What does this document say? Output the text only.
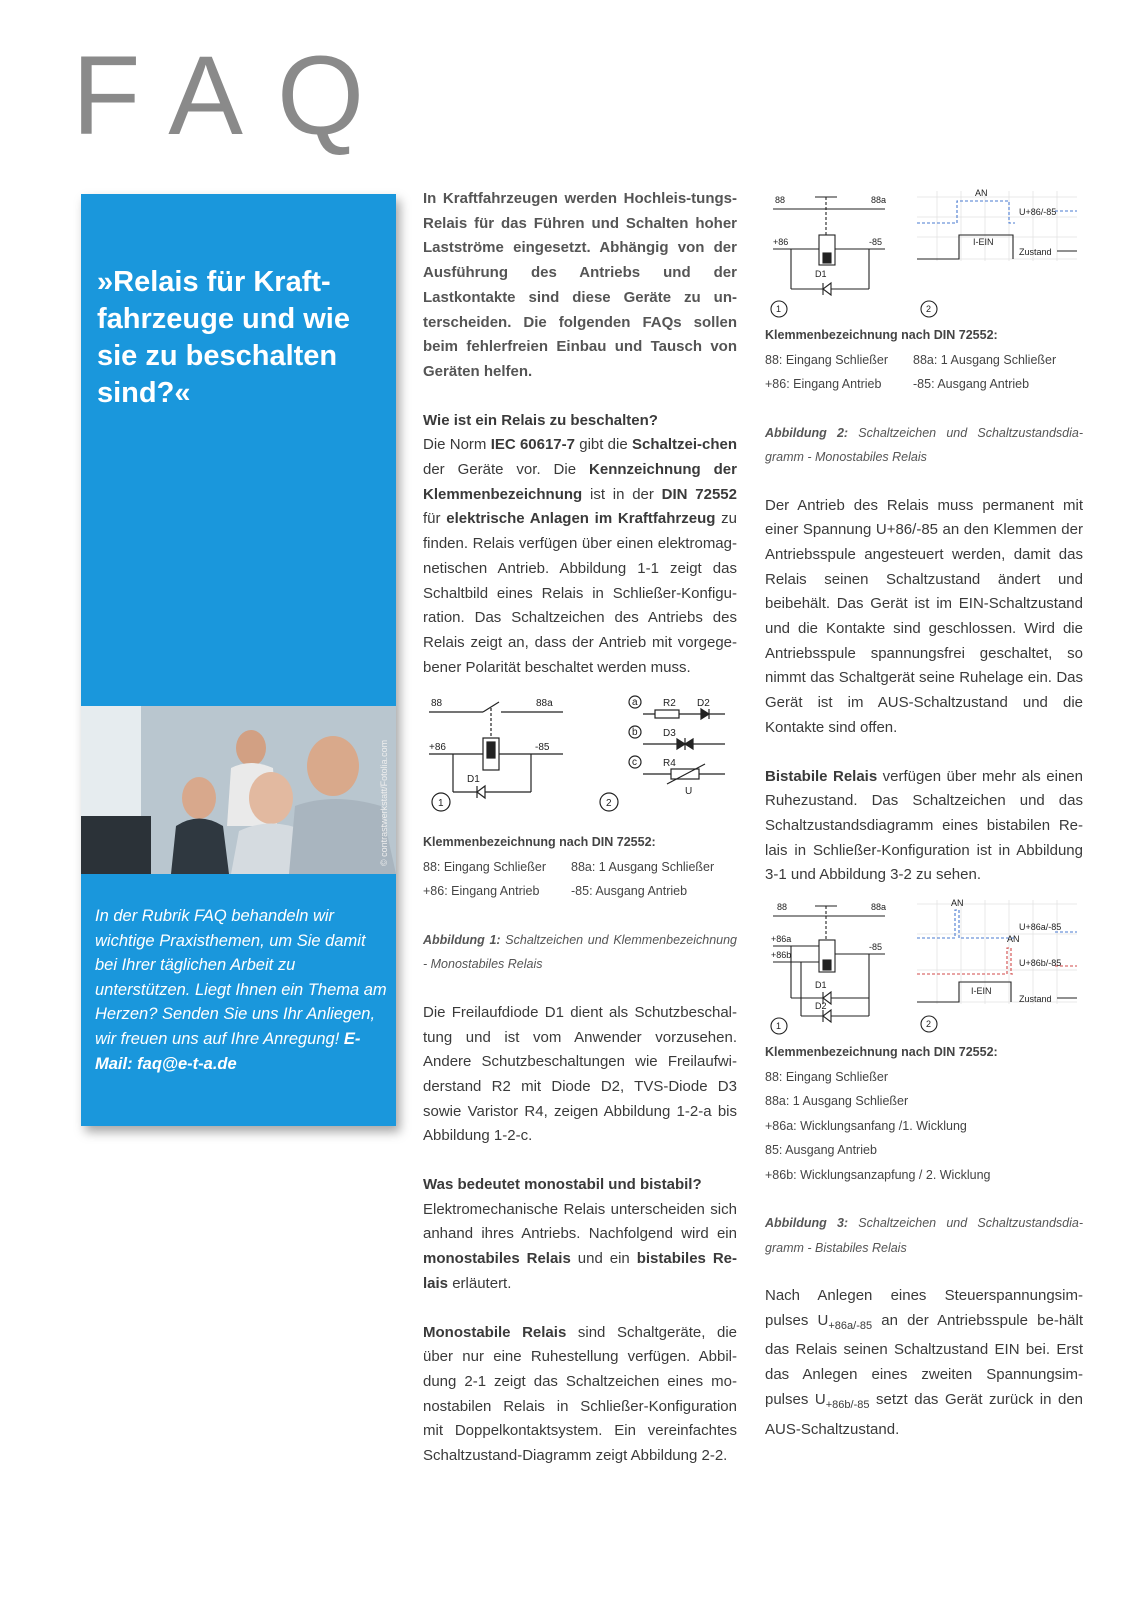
FAQ
»Relais für Kraft-fahrzeuge und wie sie zu beschalten sind?«
© contrastwerkstatt/Fotolia.com
In der Rubrik FAQ behandeln wir wichtige Praxisthemen, um Sie damit bei Ihrer täglichen Arbeit zu unterstützen. Liegt Ihnen ein Thema am Herzen? Senden Sie uns Ihr Anliegen, wir freuen uns auf Ihre Anregung! E-Mail: faq@e-t-a.de

In Kraftfahrzeugen werden Hochleis-tungs-Relais für das Führen und Schalten hoher Lastströme eingesetzt. Abhängig von der Ausführung des Antriebs und der Lastkontakte sind diese Geräte zu un-terscheiden. Die folgenden FAQs sollen beim fehlerfreien Einbau und Tausch von Geräten helfen.

Wie ist ein Relais zu beschalten?

Die Norm IEC 60617-7 gibt die Schaltzei-chen der Geräte vor. Die Kennzeichnung der Klemmenbezeichnung ist in der DIN 72552 für elektrische Anlagen im Kraftfahrzeug zu finden. Relais verfügen über einen elektromag-netischen Antrieb. Abbildung 1-1 zeigt das Schaltbild eines Relais in Schließer-Konfigu-ration. Das Schaltzeichen des Antriebs des Relais zeigt an, dass der Antrieb mit vorgege-bener Polarität beschaltet werden muss.

88	88a
+86	-85
D1
1	2
a	R2 D2
b	D3
c	R4
U

Klemmenbezeichnung nach DIN 72552:
88: Eingang Schließer 88a: 1 Ausgang Schließer
+86: Eingang Antrieb	-85: Ausgang Antrieb

Abbildung 1: Schaltzeichen und Klemmenbezeichnung - Monostabiles Relais

Die Freilaufdiode D1 dient als Schutzbeschal-tung und ist vom Anwender vorzusehen. Andere Schutzbeschaltungen wie Freilaufwi-derstand R2 mit Diode D2, TVS-Diode D3 sowie Varistor R4, zeigen Abbildung 1-2-a bis Abbildung 1-2-c.

Was bedeutet monostabil und bistabil?

Elektromechanische Relais unterscheiden sich anhand ihres Antriebs. Nachfolgend wird ein monostabiles Relais und ein bistabiles Re-lais erläutert.

Monostabile Relais sind Schaltgeräte, die über nur eine Ruhestellung verfügen. Abbil-dung 2-1 zeigt das Schaltzeichen eines mo-nostabilen Relais in Schließer-Konfiguration mit Doppelkontaktsystem. Ein vereinfachtes Schaltzustand-Diagramm zeigt Abbildung 2-2.

88	88a
+86	-85
D1
1
AN
U+86/-85
I-EIN
Zustand
2

Klemmenbezeichnung nach DIN 72552:
88: Eingang Schließer 88a: 1 Ausgang Schließer
+86: Eingang Antrieb	-85: Ausgang Antrieb

Abbildung 2: Schaltzeichen und Schaltzustandsdia-gramm - Monostabiles Relais

Der Antrieb des Relais muss permanent mit einer Spannung U+86/-85 an den Klemmen der Antriebsspule angesteuert werden, damit das Relais seinen Schaltzustand ändert und beibehält. Das Gerät ist im EIN-Schaltzustand und die Kontakte sind geschlossen. Wird die Antriebsspule spannungsfrei geschaltet, so nimmt das Schaltgerät seine Ruhelage ein. Das Gerät ist im AUS-Schaltzustand und die Kontakte sind offen.

Bistabile Relais verfügen über mehr als einen Ruhezustand. Das Schaltzeichen und das Schaltzustandsdiagramm eines bistabilen Re-lais in Schließer-Konfiguration ist in Abbildung 3-1 und Abbildung 3-2 zu sehen.

88	88a
+86a
+86b
-85
D1
D2
1
AN
U+86a/-85
AN
U+86b/-85
I-EIN
Zustand
2

Klemmenbezeichnung nach DIN 72552:
88: Eingang Schließer
88a: 1 Ausgang Schließer
+86a: Wicklungsanfang /1. Wicklung
85: Ausgang Antrieb
+86b: Wicklungsanzapfung / 2. Wicklung

Abbildung 3: Schaltzeichen und Schaltzustandsdia-gramm - Bistabiles Relais

Nach Anlegen eines Steuerspannungsim-pulses $U_{+86a/-85}$ an der Antriebsspule be-hält das Relais seinen Schaltzustand EIN bei. Erst das Anlegen eines zweiten Spannungsim-pulses $U_{+86b/-85}$ setzt das Gerät zurück in den AUS-Schaltzustand.
